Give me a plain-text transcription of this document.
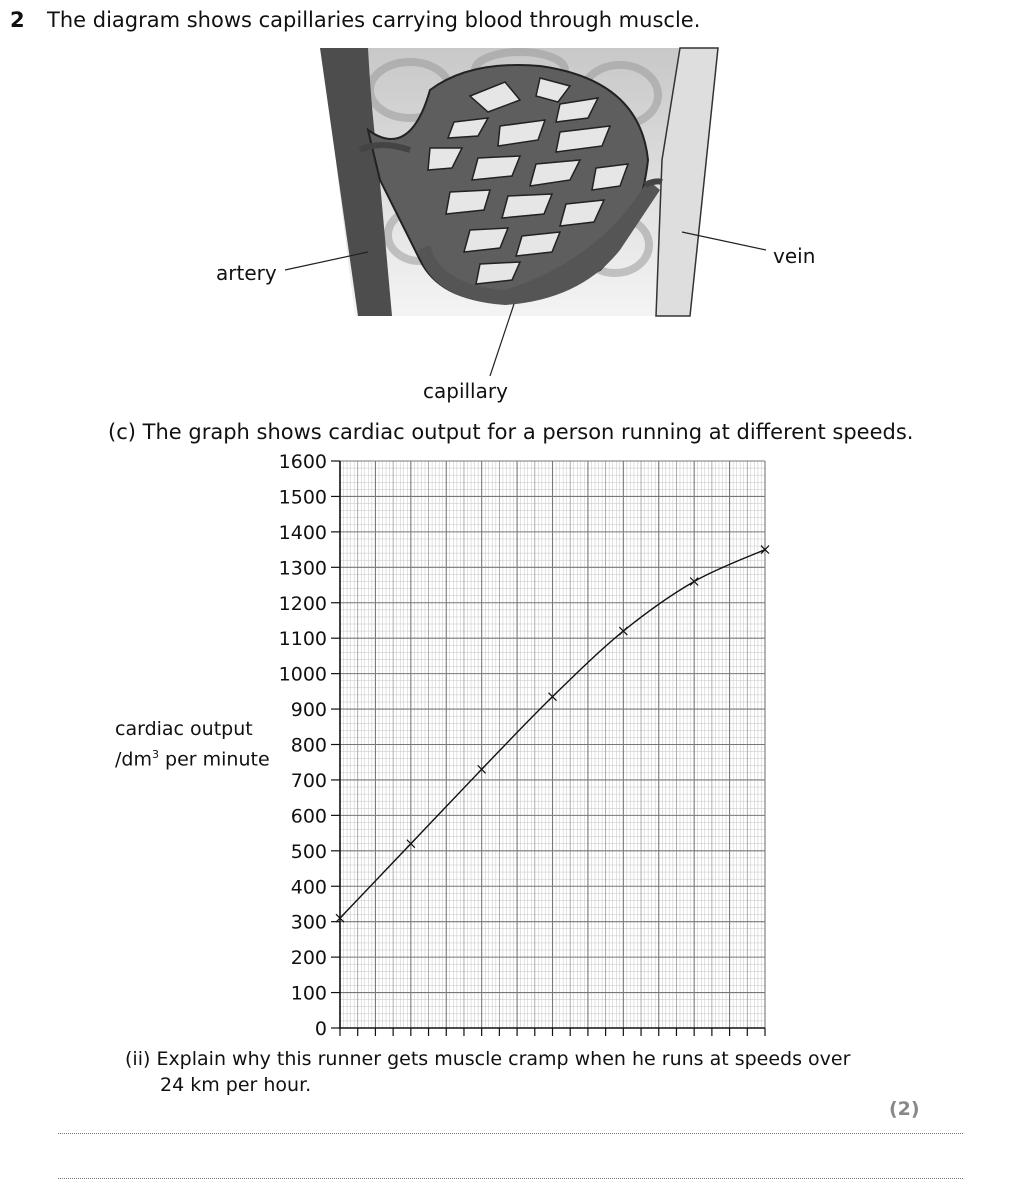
2 The diagram shows capillaries carrying blood through muscle.
artery
vein
capillary
(c) The graph shows cardiac output for a person running at different speeds.
0
100
200
300
400
500
600
700
800
900
1000
1100
1200
1300
1400
1500
1600
cardiac output
$/dm^3$ per minute
(ii) Explain why this runner gets muscle cramp when he runs at speeds over
24 km per hour.
(2)
